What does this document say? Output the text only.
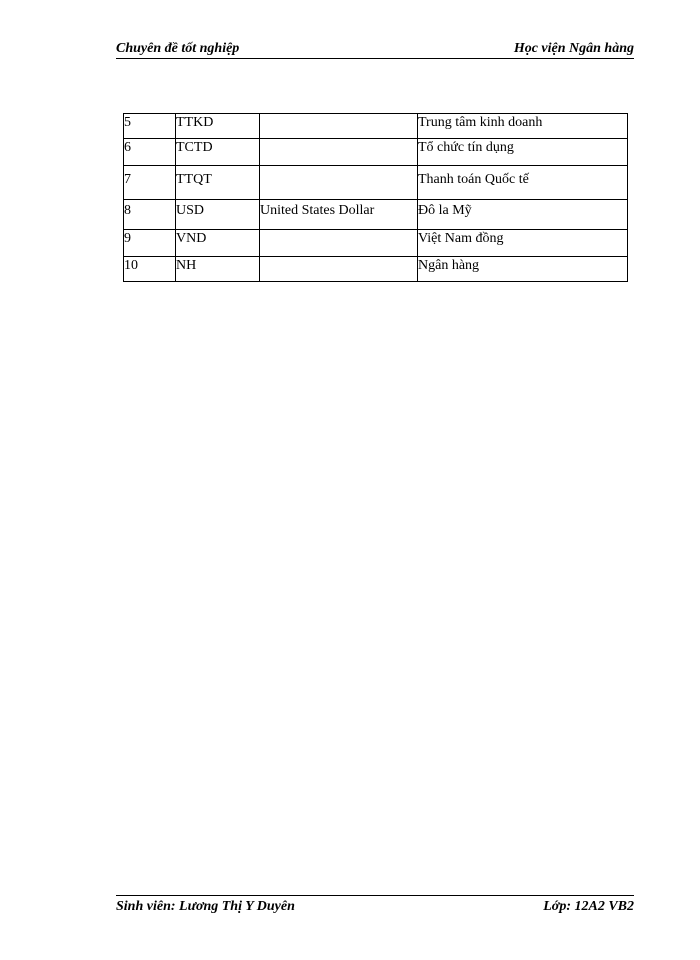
Chuyên đề tốt nghiệp	Học viện Ngân hàng
5	TTKD		Trung tâm kinh doanh
6	TCTD		Tổ chức tín dụng
7	TTQT		Thanh toán Quốc tế
8	USD	United States Dollar	Đô la Mỹ
9	VND		Việt Nam đồng
10	NH		Ngân hàng
Sinh viên: Lương Thị Y Duyên	Lớp: 12A2 VB2
